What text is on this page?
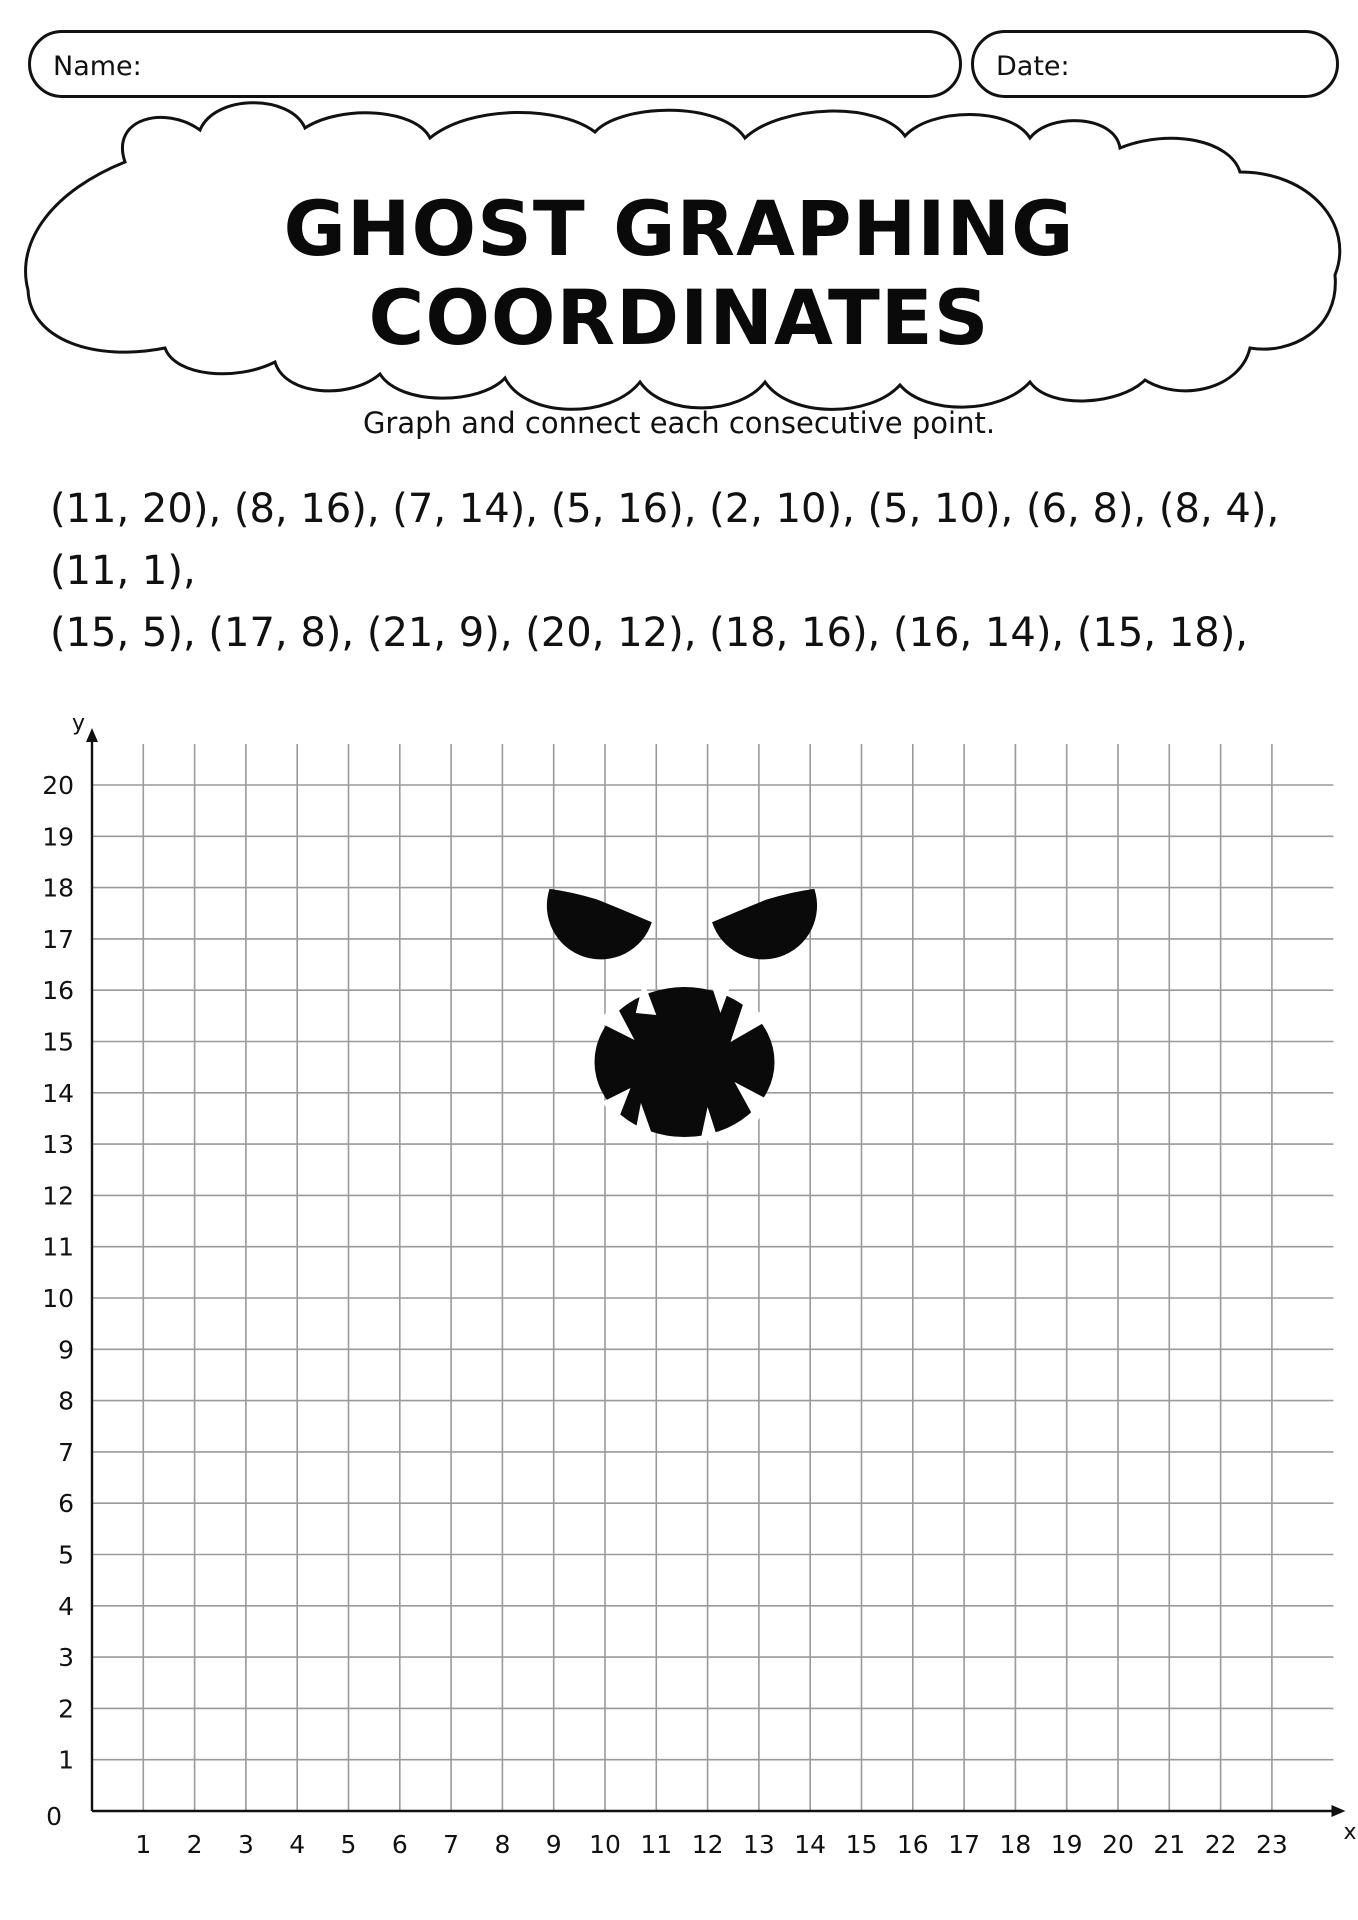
Name:	Date:
GHOST GRAPHING COORDINATES
Graph and connect each consecutive point.
(11, 20), (8, 16), (7, 14), (5, 16), (2, 10), (5, 10), (6, 8), (8, 4), (11, 1),
(15, 5), (17, 8), (21, 9), (20, 12), (18, 16), (16, 14), (15, 18),
x
y
0
1 2 3 4 5 6 7 8 9 10 11 12 13 14 15 16 17 18 19 20 21 22 23
1
2
3
4
5
6
7
8
9
10
11
12
13
14
15
16
17
18
19
20
